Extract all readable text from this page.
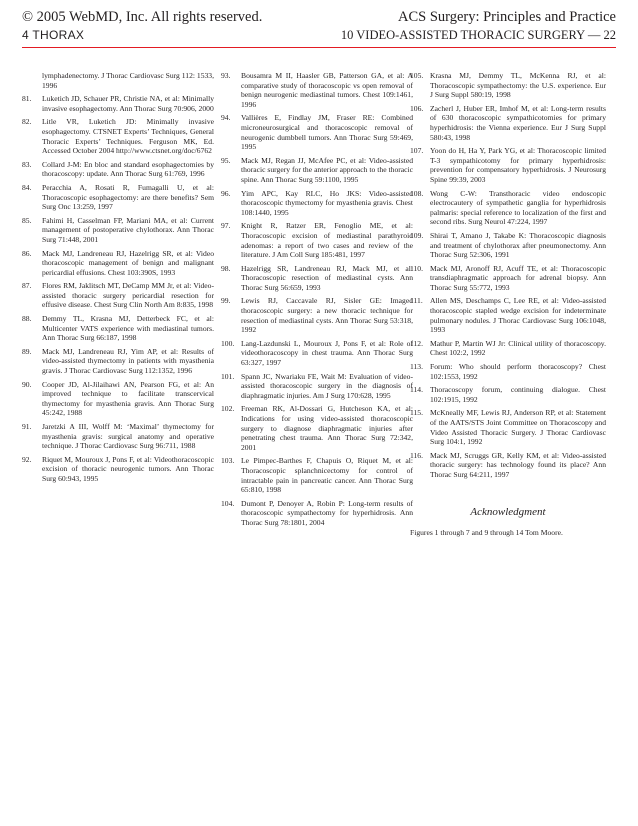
© 2005 WebMD, Inc. All rights reserved.	ACS Surgery: Principles and Practice
4 THORAX	10 VIDEO-ASSISTED THORACIC SURGERY — 22
lymphadenectomy. J Thorac Cardiovasc Surg 112: 1533, 1996
81. Luketich JD, Schauer PR, Christie NA, et al: Minimally invasive esophagectomy. Ann Thorac Surg 70:906, 2000
82. Litle VR, Luketich JD: Minimally invasive esophagectomy. CTSNET Experts’ Techniques, General Thoracic Experts’ Techniques. Ferguson MK, Ed. Accessed October 2004 http://www.ctsnet.org/doc/6762
83. Collard J-M: En bloc and standard esophagectomies by thoracoscopy: update. Ann Thorac Surg 61:769, 1996
84. Peracchia A, Rosati R, Fumagalli U, et al: Thoracoscopic esophagectomy: are there benefits? Sem Surg Onc 13:259, 1997
85. Fahimi H, Casselman FP, Mariani MA, et al: Current management of postoperative chylothorax. Ann Thorac Surg 71:448, 2001
86. Mack MJ, Landreneau RJ, Hazelrigg SR, et al: Video thoracoscopic management of benign and malignant pericardial effusions. Chest 103:390S, 1993
87. Flores RM, Jaklitsch MT, DeCamp MM Jr, et al: Video-assisted thoracic surgery pericardial resection for effusive disease. Chest Surg Clin North Am 8:835, 1998
88. Demmy TL, Krasna MJ, Detterbeck FC, et al: Multicenter VATS experience with mediastinal tumors. Ann Thorac Surg 66:187, 1998
89. Mack MJ, Landreneau RJ, Yim AP, et al: Results of video-assisted thymectomy in patients with myasthenia gravis. J Thorac Cardiovasc Surg 112:1352, 1996
90. Cooper JD, Al-Jilaihawi AN, Pearson FG, et al: An improved technique to facilitate transcervical thymectomy for myasthenia gravis. Ann Thorac Surg 45:242, 1988
91. Jaretzki A III, Wolff M: ‘Maximal’ thymectomy for myasthenia gravis: surgical anatomy and operative technique. J Thorac Cardiovasc Surg 96:711, 1988
92. Riquet M, Mouroux J, Pons F, et al: Videothoracoscopic excision of thoracic neurogenic tumors. Ann Thorac Surg 60:943, 1995
93. Bousamra M II, Haasler GB, Patterson GA, et al: A comparative study of thoracoscopic vs open removal of benign neurogenic mediastinal tumors. Chest 109:1461, 1996
94. Vallières E, Findlay JM, Fraser RE: Combined microneurosurgical and thoracoscopic removal of neurogenic dumbbell tumors. Ann Thorac Surg 59:469, 1995
95. Mack MJ, Regan JJ, McAfee PC, et al: Video-assisted thoracic surgery for the anterior approach to the thoracic spine. Ann Thorac Surg 59:1100, 1995
96. Yim APC, Kay RLC, Ho JKS: Video-assisted thoracoscopic thymectomy for myasthenia gravis. Chest 108:1440, 1995
97. Knight R, Ratzer ER, Fenoglio ME, et al: Thoracoscopic excision of mediastinal parathyroid adenomas: a report of two cases and review of the literature. J Am Coll Surg 185:481, 1997
98. Hazelrigg SR, Landreneau RJ, Mack MJ, et al: Thoracoscopic resection of mediastinal cysts. Ann Thorac Surg 56:659, 1993
99. Lewis RJ, Caccavale RJ, Sisler GE: Imaged thoracoscopic surgery: a new thoracic technique for resection of mediastinal cysts. Ann Thorac Surg 53:318, 1992
100. Lang-Lazdunski L, Mouroux J, Pons F, et al: Role of videothoracoscopy in chest trauma. Ann Thorac Surg 63:327, 1997
101. Spann JC, Nwariaku FE, Wait M: Evaluation of video-assisted thoracoscopic surgery in the diagnosis of diaphragmatic injuries. Am J Surg 170:628, 1995
102. Freeman RK, Al-Dossari G, Hutcheson KA, et al: Indications for using video-assisted thoracoscopic surgery to diagnose diaphragmatic injuries after penetrating chest trauma. Ann Thorac Surg 72:342, 2001
103. Le Pimpec-Barthes F, Chapuis O, Riquet M, et al: Thoracoscopic splanchnicectomy for control of intractable pain in pancreatic cancer. Ann Thorac Surg 65:810, 1998
104. Dumont P, Denoyer A, Robin P: Long-term results of thoracoscopic sympathectomy for hyperhidrosis. Ann Thorac Surg 78:1801, 2004
105. Krasna MJ, Demmy TL, McKenna RJ, et al: Thoracoscopic sympathectomy: the U.S. experience. Eur J Surg Suppl 580:19, 1998
106. Zacherl J, Huber ER, Imhof M, et al: Long-term results of 630 thoracoscopic sympathicotomies for primary hyperhidrosis: the Vienna experience. Eur J Surg Suppl 580:43, 1998
107. Yoon do H, Ha Y, Park YG, et al: Thoracoscopic limited T-3 sympathicotomy for primary hyperhidrosis: prevention for compensatory hyperhidrosis. J Neurosurg Spine 99:39, 2003
108. Wong C-W: Transthoracic video endoscopic electrocautery of sympathetic ganglia for hyperhidrosis palmaris: special reference to localization of the first and second ribs. Surg Neurol 47:224, 1997
109. Shirai T, Amano J, Takabe K: Thoracoscopic diagnosis and treatment of chylothorax after pneumonectomy. Ann Thorac Surg 52:306, 1991
110. Mack MJ, Aronoff RJ, Acuff TE, et al: Thoracoscopic transdiaphragmatic approach for adrenal biopsy. Ann Thorac Surg 55:772, 1993
111. Allen MS, Deschamps C, Lee RE, et al: Video-assisted thoracoscopic stapled wedge excision for indeterminate pulmonary nodules. J Thorac Cardiovasc Surg 106:1048, 1993
112. Mathur P, Martin WJ Jr: Clinical utility of thoracoscopy. Chest 102:2, 1992
113. Forum: Who should perform thoracoscopy? Chest 102:1553, 1992
114. Thoracoscopy forum, continuing dialogue. Chest 102:1915, 1992
115. McKneally MF, Lewis RJ, Anderson RP, et al: Statement of the AATS/STS Joint Committee on Thoracoscopy and Video Assisted Thoracic Surgery. J Thorac Cardiovasc Surg 104:1, 1992
116. Mack MJ, Scruggs GR, Kelly KM, et al: Video-assisted thoracic surgery: has technology found its place? Ann Thorac Surg 64:211, 1997
Acknowledgment
Figures 1 through 7 and 9 through 14 Tom Moore.
